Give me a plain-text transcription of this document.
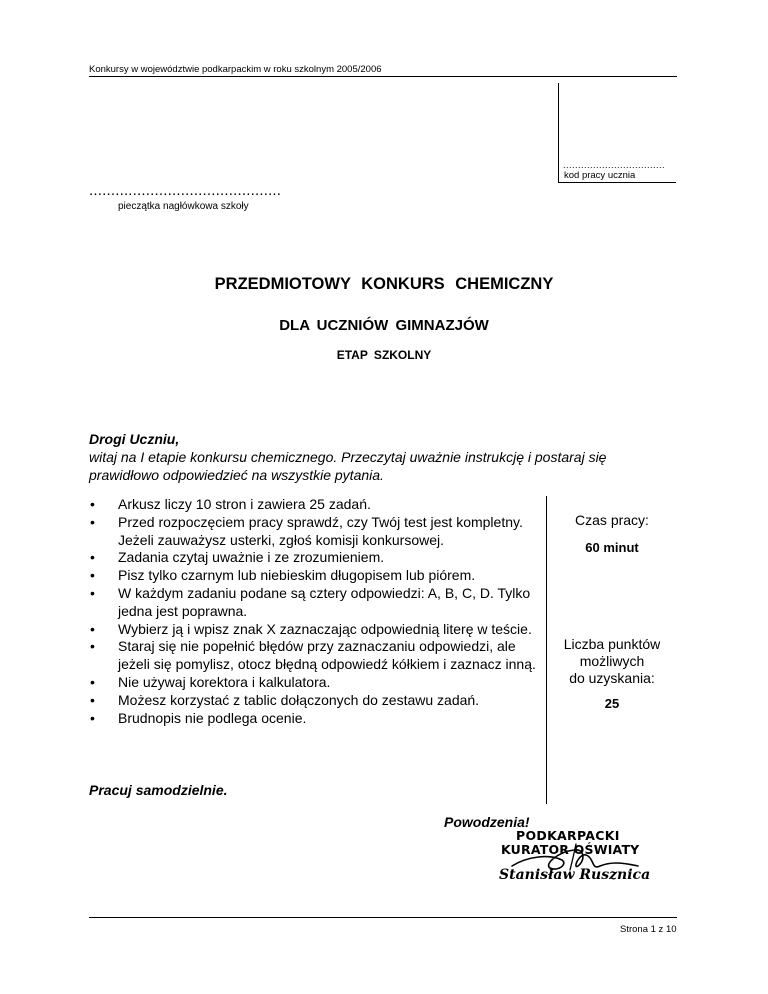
Konkursy w województwie podkarpackim w roku szkolnym 2005/2006
..................................
kod pracy ucznia
............................................
pieczątka nagłówkowa szkoły
PRZEDMIOTOWY KONKURS CHEMICZNY
DLA UCZNIÓW GIMNAZJÓW
ETAP SZKOLNY
Drogi Uczniu,
witaj na I etapie konkursu chemicznego. Przeczytaj uważnie instrukcję i postaraj się prawidłowo odpowiedzieć na wszystkie pytania.
• Arkusz liczy 10 stron i zawiera 25 zadań.
• Przed rozpoczęciem pracy sprawdź, czy Twój test jest kompletny. Jeżeli zauważysz usterki, zgłoś komisji konkursowej.
• Zadania czytaj uważnie i ze zrozumieniem.
• Pisz tylko czarnym lub niebieskim długopisem lub piórem.
• W każdym zadaniu podane są cztery odpowiedzi: A, B, C, D. Tylko jedna jest poprawna.
• Wybierz ją i wpisz znak X zaznaczając odpowiednią literę w teście.
• Staraj się nie popełnić błędów przy zaznaczaniu odpowiedzi, ale jeżeli się pomylisz, otocz błędną odpowiedź kółkiem i zaznacz inną.
• Nie używaj korektora i kalkulatora.
• Możesz korzystać z tablic dołączonych do zestawu zadań.
• Brudnopis nie podlega ocenie.
Czas pracy:
60 minut
Liczba punktów
możliwych
do uzyskania:
25
Pracuj samodzielnie.
Powodzenia!
PODKARPACKI
KURATOR OŚWIATY
Stanisław Rusznica
Strona 1 z 10
